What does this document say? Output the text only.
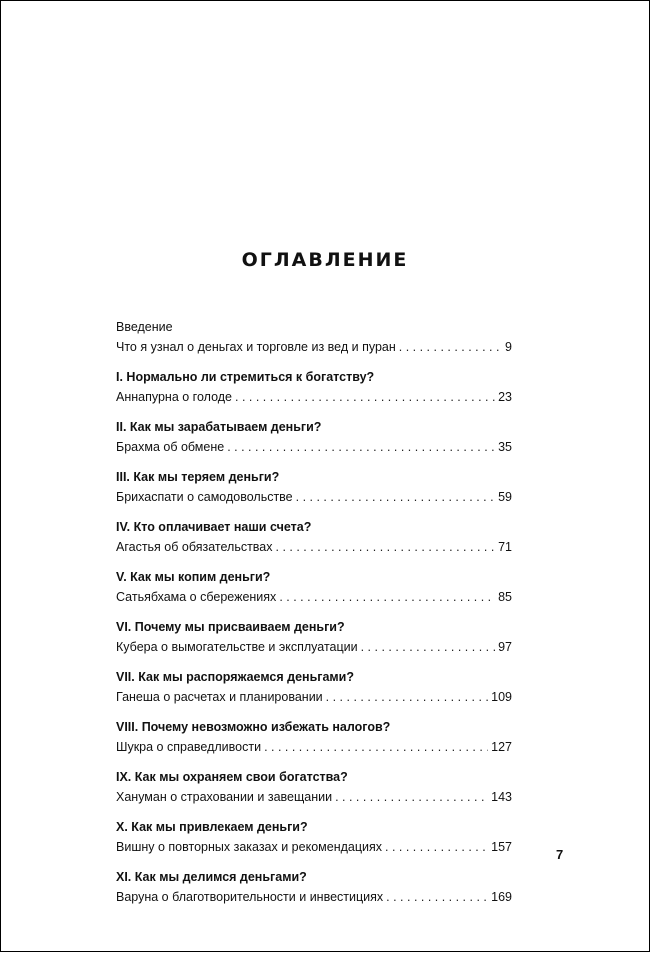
ОГЛАВЛЕНИЕ
Введение
Что я узнал о деньгах и торговле из вед и пуран . . .	9
I. Нормально ли стремиться к богатству?
Аннапурна о голоде . . .	23
II. Как мы зарабатываем деньги?
Брахма об обмене . . .	35
III. Как мы теряем деньги?
Брихаспати о самодовольстве . . .	59
IV. Кто оплачивает наши счета?
Агастья об обязательствах . . .	71
V. Как мы копим деньги?
Сатьябхама о сбережениях . . .	85
VI. Почему мы присваиваем деньги?
Кубера о вымогательстве и эксплуатации . . .	97
VII. Как мы распоряжаемся деньгами?
Ганеша о расчетах и планировании . . .	109
VIII. Почему невозможно избежать налогов?
Шукра о справедливости . . .	127
IX. Как мы охраняем свои богатства?
Хануман о страховании и завещании . . .	143
X. Как мы привлекаем деньги?
Вишну о повторных заказах и рекомендациях . . .	157
XI. Как мы делимся деньгами?
Варуна о благотворительности и инвестициях . . .	169
7
